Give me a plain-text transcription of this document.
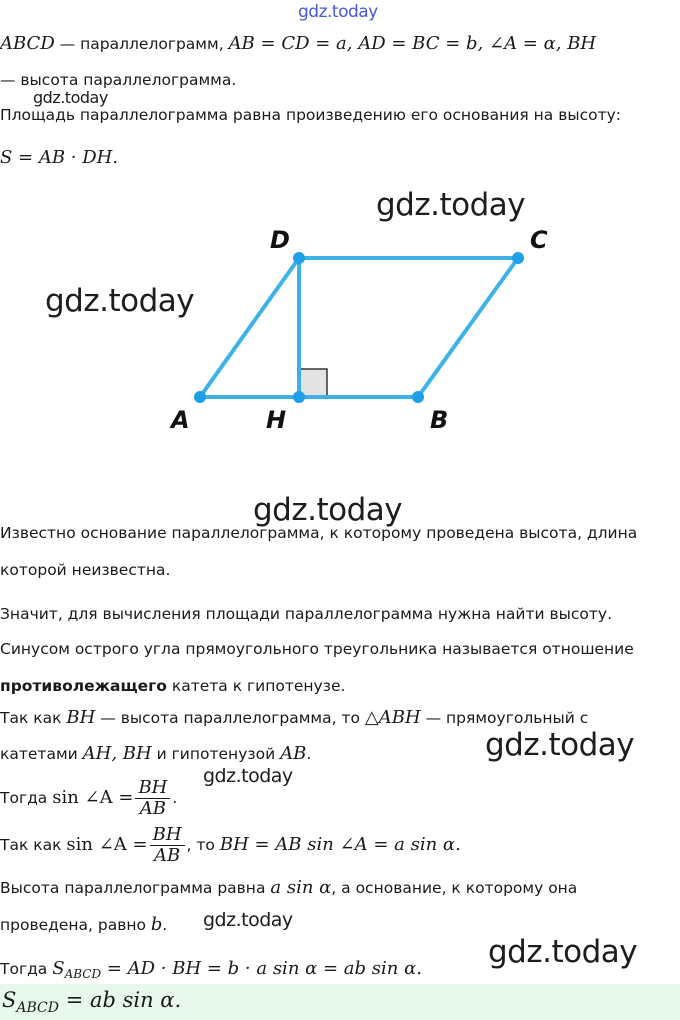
gdz.today
gdz.today
gdz.today
gdz.today
gdz.today
gdz.today
gdz.today
gdz.today
gdz.today
ABCD — параллелограмм, AB = CD = a, AD = BC = b, ∠A = α, BH
— высота параллелограмма.
Площадь параллелограмма равна произведению его основания на высоту:
S = AB · DH.
A	H	B
D	C
Известно основание параллелограмма, к которому проведена высота, длина
которой неизвестна.
Значит, для вычисления площади параллелограмма нужна найти высоту.
Синусом острого угла прямоугольного треугольника называется отношение
противолежащего катета к гипотенузе.
Так как BH — высота параллелограмма, то △ABH — прямоугольный с
катетами AH, BH и гипотенузой AB.
Тогда sin ∠A = $\frac{BH}{AB}$ .
Так как sin ∠A = $\frac{BH}{AB}$ , то BH = AB sin ∠A = a sin α.
Высота параллелограмма равна a sin α, а основание, к которому она
проведена, равно b.
Тогда $S_{ABCD}$ = AD · BH = b · a sin α = ab sin α.
$S_{ABCD}$ = ab sin α.
